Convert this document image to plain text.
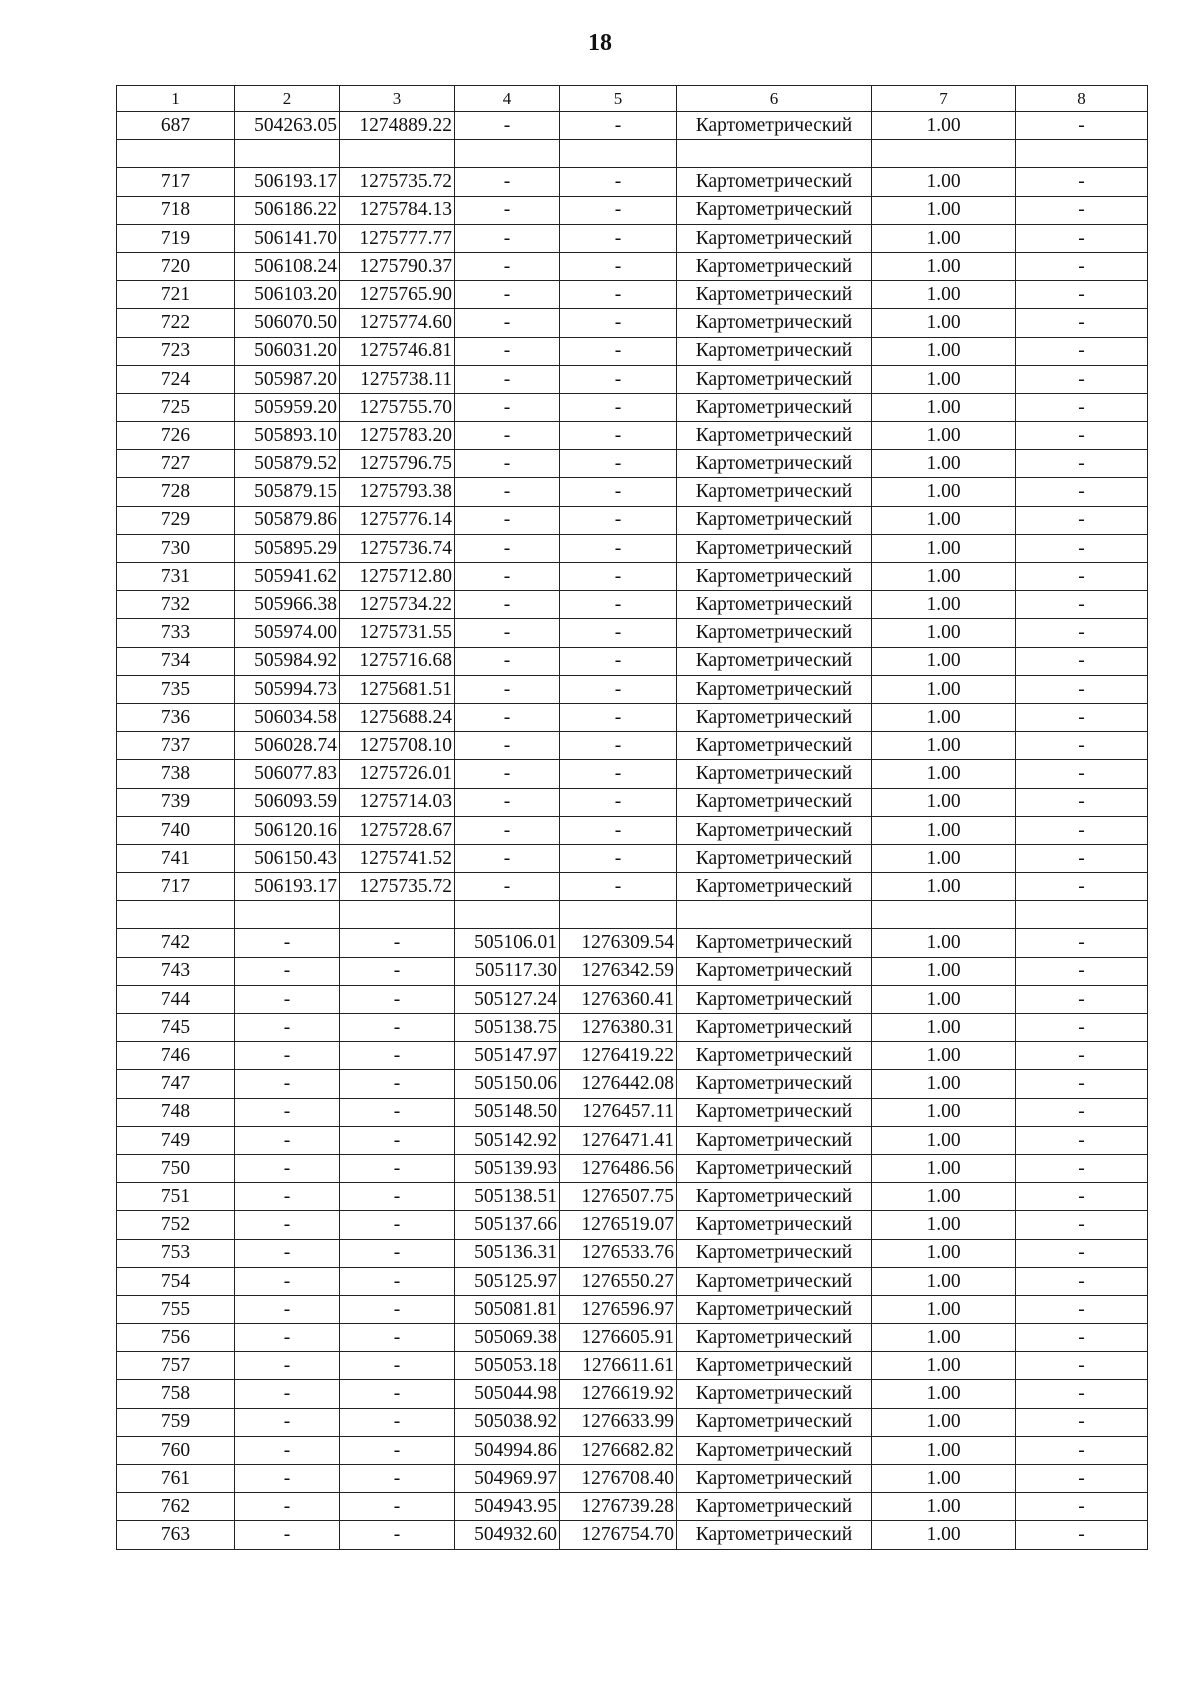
18
1	2	3	4	5	6	7	8
687	504263.05	1274889.22	-	-	Картометрический	1.00	-

717	506193.17	1275735.72	-	-	Картометрический	1.00	-
718	506186.22	1275784.13	-	-	Картометрический	1.00	-
719	506141.70	1275777.77	-	-	Картометрический	1.00	-
720	506108.24	1275790.37	-	-	Картометрический	1.00	-
721	506103.20	1275765.90	-	-	Картометрический	1.00	-
722	506070.50	1275774.60	-	-	Картометрический	1.00	-
723	506031.20	1275746.81	-	-	Картометрический	1.00	-
724	505987.20	1275738.11	-	-	Картометрический	1.00	-
725	505959.20	1275755.70	-	-	Картометрический	1.00	-
726	505893.10	1275783.20	-	-	Картометрический	1.00	-
727	505879.52	1275796.75	-	-	Картометрический	1.00	-
728	505879.15	1275793.38	-	-	Картометрический	1.00	-
729	505879.86	1275776.14	-	-	Картометрический	1.00	-
730	505895.29	1275736.74	-	-	Картометрический	1.00	-
731	505941.62	1275712.80	-	-	Картометрический	1.00	-
732	505966.38	1275734.22	-	-	Картометрический	1.00	-
733	505974.00	1275731.55	-	-	Картометрический	1.00	-
734	505984.92	1275716.68	-	-	Картометрический	1.00	-
735	505994.73	1275681.51	-	-	Картометрический	1.00	-
736	506034.58	1275688.24	-	-	Картометрический	1.00	-
737	506028.74	1275708.10	-	-	Картометрический	1.00	-
738	506077.83	1275726.01	-	-	Картометрический	1.00	-
739	506093.59	1275714.03	-	-	Картометрический	1.00	-
740	506120.16	1275728.67	-	-	Картометрический	1.00	-
741	506150.43	1275741.52	-	-	Картометрический	1.00	-
717	506193.17	1275735.72	-	-	Картометрический	1.00	-

742	-	-	505106.01	1276309.54	Картометрический	1.00	-
743	-	-	505117.30	1276342.59	Картометрический	1.00	-
744	-	-	505127.24	1276360.41	Картометрический	1.00	-
745	-	-	505138.75	1276380.31	Картометрический	1.00	-
746	-	-	505147.97	1276419.22	Картометрический	1.00	-
747	-	-	505150.06	1276442.08	Картометрический	1.00	-
748	-	-	505148.50	1276457.11	Картометрический	1.00	-
749	-	-	505142.92	1276471.41	Картометрический	1.00	-
750	-	-	505139.93	1276486.56	Картометрический	1.00	-
751	-	-	505138.51	1276507.75	Картометрический	1.00	-
752	-	-	505137.66	1276519.07	Картометрический	1.00	-
753	-	-	505136.31	1276533.76	Картометрический	1.00	-
754	-	-	505125.97	1276550.27	Картометрический	1.00	-
755	-	-	505081.81	1276596.97	Картометрический	1.00	-
756	-	-	505069.38	1276605.91	Картометрический	1.00	-
757	-	-	505053.18	1276611.61	Картометрический	1.00	-
758	-	-	505044.98	1276619.92	Картометрический	1.00	-
759	-	-	505038.92	1276633.99	Картометрический	1.00	-
760	-	-	504994.86	1276682.82	Картометрический	1.00	-
761	-	-	504969.97	1276708.40	Картометрический	1.00	-
762	-	-	504943.95	1276739.28	Картометрический	1.00	-
763	-	-	504932.60	1276754.70	Картометрический	1.00	-
